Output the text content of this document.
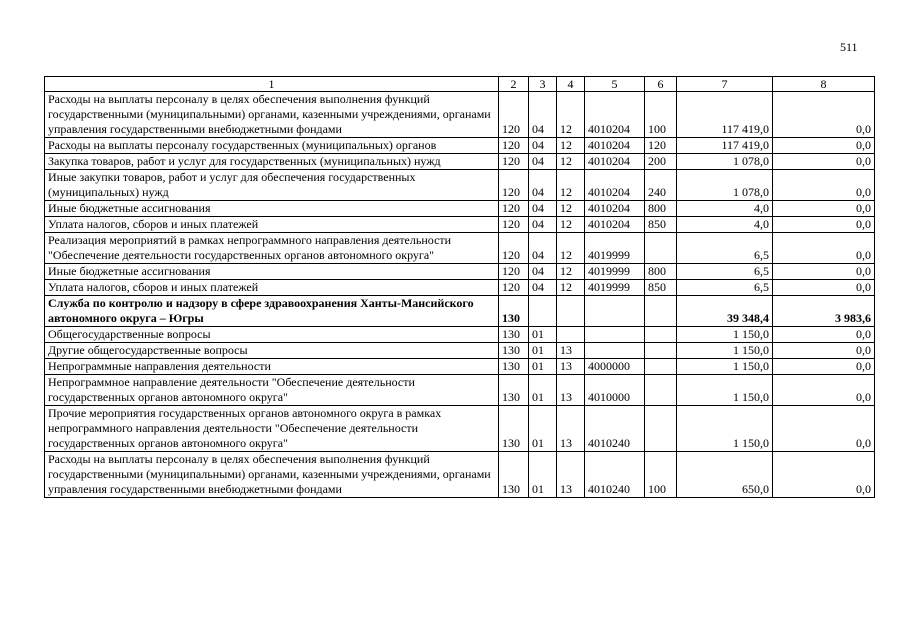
511
1	2	3	4	5	6	7	8
Расходы на выплаты персоналу в целях обеспечения выполнения функций государственными (муниципальными) органами, казенными учреждениями, органами управления государственными внебюджетными фондами	120	04	12	4010204	100	117 419,0	0,0
Расходы на выплаты персоналу государственных (муниципальных) органов	120	04	12	4010204	120	117 419,0	0,0
Закупка товаров, работ и услуг для государственных (муниципальных) нужд	120	04	12	4010204	200	1 078,0	0,0
Иные закупки товаров, работ и услуг для обеспечения государственных (муниципальных) нужд	120	04	12	4010204	240	1 078,0	0,0
Иные бюджетные ассигнования	120	04	12	4010204	800	4,0	0,0
Уплата налогов, сборов и иных платежей	120	04	12	4010204	850	4,0	0,0
Реализация мероприятий в рамках непрограммного направления деятельности "Обеспечение деятельности государственных органов автономного округа"	120	04	12	4019999		6,5	0,0
Иные бюджетные ассигнования	120	04	12	4019999	800	6,5	0,0
Уплата налогов, сборов и иных платежей	120	04	12	4019999	850	6,5	0,0
Служба по контролю и надзору в сфере здравоохранения Ханты-Мансийского автономного округа – Югры	130					39 348,4	3 983,6
Общегосударственные вопросы	130	01				1 150,0	0,0
Другие общегосударственные вопросы	130	01	13			1 150,0	0,0
Непрограммные направления деятельности	130	01	13	4000000		1 150,0	0,0
Непрограммное направление деятельности "Обеспечение деятельности государственных органов автономного округа"	130	01	13	4010000		1 150,0	0,0
Прочие мероприятия государственных органов автономного округа в рамках непрограммного направления деятельности "Обеспечение деятельности государственных органов автономного округа"	130	01	13	4010240		1 150,0	0,0
Расходы на выплаты персоналу в целях обеспечения выполнения функций государственными (муниципальными) органами, казенными учреждениями, органами управления государственными внебюджетными фондами	130	01	13	4010240	100	650,0	0,0
